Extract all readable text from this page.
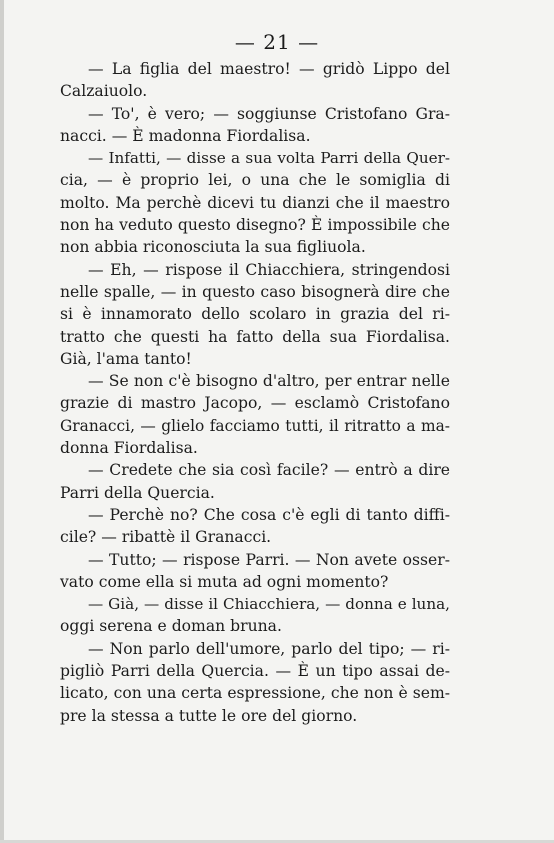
— 21 —
— La figlia del maestro! — gridò Lippo del
Calzaiuolo.
— To', è vero; — soggiunse Cristofano Gra-
nacci. — È madonna Fiordalisa.
— Infatti, — disse a sua volta Parri della Quer-
cia, — è proprio lei, o una che le somiglia di
molto. Ma perchè dicevi tu dianzi che il maestro
non ha veduto questo disegno? È impossibile che
non abbia riconosciuta la sua figliuola.
— Eh, — rispose il Chiacchiera, stringendosi
nelle spalle, — in questo caso bisognerà dire che
si è innamorato dello scolaro in grazia del ri-
tratto che questi ha fatto della sua Fiordalisa.
Già, l'ama tanto!
— Se non c'è bisogno d'altro, per entrar nelle
grazie di mastro Jacopo, — esclamò Cristofano
Granacci, — glielo facciamo tutti, il ritratto a ma-
donna Fiordalisa.
— Credete che sia così facile? — entrò a dire
Parri della Quercia.
— Perchè no? Che cosa c'è egli di tanto diffi-
cile? — ribattè il Granacci.
— Tutto; — rispose Parri. — Non avete osser-
vato come ella si muta ad ogni momento?
— Già, — disse il Chiacchiera, — donna e luna,
oggi serena e doman bruna.
— Non parlo dell'umore, parlo del tipo; — ri-
pigliò Parri della Quercia. — È un tipo assai de-
licato, con una certa espressione, che non è sem-
pre la stessa a tutte le ore del giorno.
